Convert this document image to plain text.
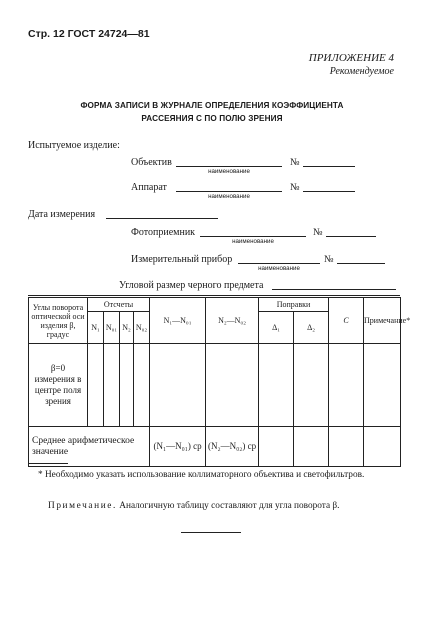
Стр. 12 ГОСТ 24724—81
ПРИЛОЖЕНИЕ 4
Рекомендуемое
ФОРМА ЗАПИСИ В ЖУРНАЛЕ ОПРЕДЕЛЕНИЯ КОЭФФИЦИЕНТА
РАССЕЯНИЯ C ПО ПОЛЮ ЗРЕНИЯ
Испытуемое изделие:
Объектив
наименование
№
Аппарат
наименование
№
Дата измерения
Фотоприемник
наименование
№
Измерительный прибор
наименование
№
Угловой размер черного предмета
Углы поворота оптической оси изделия β, градус	Отсчеты				N₁—N₀₁	N₂—N₀₂	Поправки		C	Примечание*
	N₁	N₀₁	N₂	N₀₂			Δ₁	Δ₂		
β=0 измерения в центре поля зрения										
Среднее арифметическое значение					(N₁—N₀₁) ср	(N₂—N₀₂) ср				
* Необходимо указать использование коллиматорного объектива и светофильтров.
Примечание. Аналогичную таблицу составляют для угла поворота β.
